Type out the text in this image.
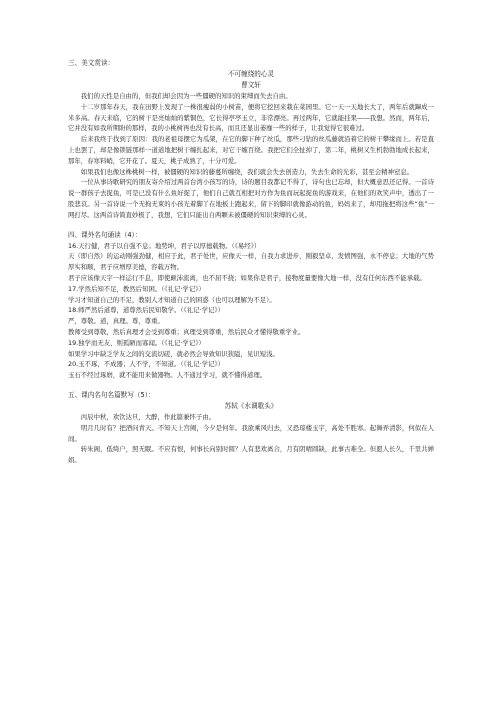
三、美文赏读：

不可缠绕的心灵

曹文轩

我们的天性是自由的，但我们却会因为一些僵硬的知识的束缚而失去自由。

十二岁那年春天，我在田野上发现了一株很瘦弱的小树苗，便将它挖回来栽在菜园里。它一天一天地长大了，两年后就蹿成一米多高。春天来临，它的树干是亮灿灿的紫铜色，它长得亭亭玉立，非常漂亮。再过两年，它就能挂果——我想。然而，两年后，它并没有如我所期盼的那样，我的小桃树再也没有长高，而且还显出萎靡一些的样子，让我觉得它很难过。

后来我终于找到了原因：我的老祖母摆它为瓜架，在它的脚下种了丝瓜，那些刁钻的丝瓜藤就沿着它的树干攀缘而上。若是直上也罢了，却是像锁链那样一道道地把树干缠扎起来，对它干缠百绕。我把它们全扯掉了，第二年，桃树又生机勃勃地成长起来，那年，春寒料峭，它开花了。夏天，桃子成熟了，十分可爱。

如果我们也像这株桃树一样，被僵硬的知识的藤蔓所缠绕，我们就会失去创造力，失去生命的光彩，甚至会精神窒息。

一位从事诗歌研究的朋友寄介绍过两首台湾小孩写的诗，诗的题目我都记不得了，诗句也已忘却，但大概意思还记得。一首诗说一群孩子去捉鱼，可是已没有什么鱼好捉了，他们自己就互相把对方作为鱼而玩起捉鱼的游戏来，在他们的欢笑声中，透出了一股悲哀。另一首诗说一个无拘无束的小孩光着脚丫在地板上跑起来，留下的脚印就像游动的鱼，妈妈来了，却用拖把将这些“鱼”一网打尽。这两首诗简直妙极了，我想，它们只能出自两颗未被僵硬的知识束缚的心灵。

四、课外名句诵读（4）：

16.天行健，君子以自强不息；地势坤，君子以厚德载物。（《易经》）

天（即自然）的运动刚强劲健，相应于此，君子处世，应像天一样，自我力求进步，刚毅坚卓，发愤图强，永不停息；大地的气势厚实和顺，君子应增厚美德，容载万物。

君子应该像天宇一样运行不息，即使颠沛流离，也不屈不挠；如果你是君子，接物度量要像大地一样，没有任何东西不能承载。

17.学然后知不足，教然后知困。（《礼记·学记》）

学习才知道自己的不足，教别人才知道自己的困惑（也可以理解为不足）。

18.师严然后道尊，道尊然后民知敬学。（《礼记·学记》）

严，尊敬。道，真理。尊，尊重。

教师受到尊敬，然后真理才会受到尊重；真理受到尊重，然后民众才懂得敬重学业。

19.独学而无友，则孤陋而寡闻。（《礼记·学记》）

如果学习中缺乏学友之间的交流切磋，就必然会导致知识狭隘，见识短浅。

20.玉不琢，不成器；人不学，不知道。（《礼记·学记》）

玉石不经过琢磨，就不能用来做器物。人不通过学习，就不懂得道理。

五、课内名句名篇默写（5）：

苏轼《水调歌头》

丙辰中秋，欢饮达旦，大醉，作此篇兼怀子由。

明月几时有？把酒问青天。不知天上宫阙，今夕是何年。我欲乘风归去，又恐琼楼玉宇，高处不胜寒。起舞弄清影，何似在人间。

转朱阁，低绮户，照无眠。不应有恨，何事长向别时圆？人有悲欢离合，月有阴晴圆缺，此事古难全。但愿人长久，千里共婵娟。
